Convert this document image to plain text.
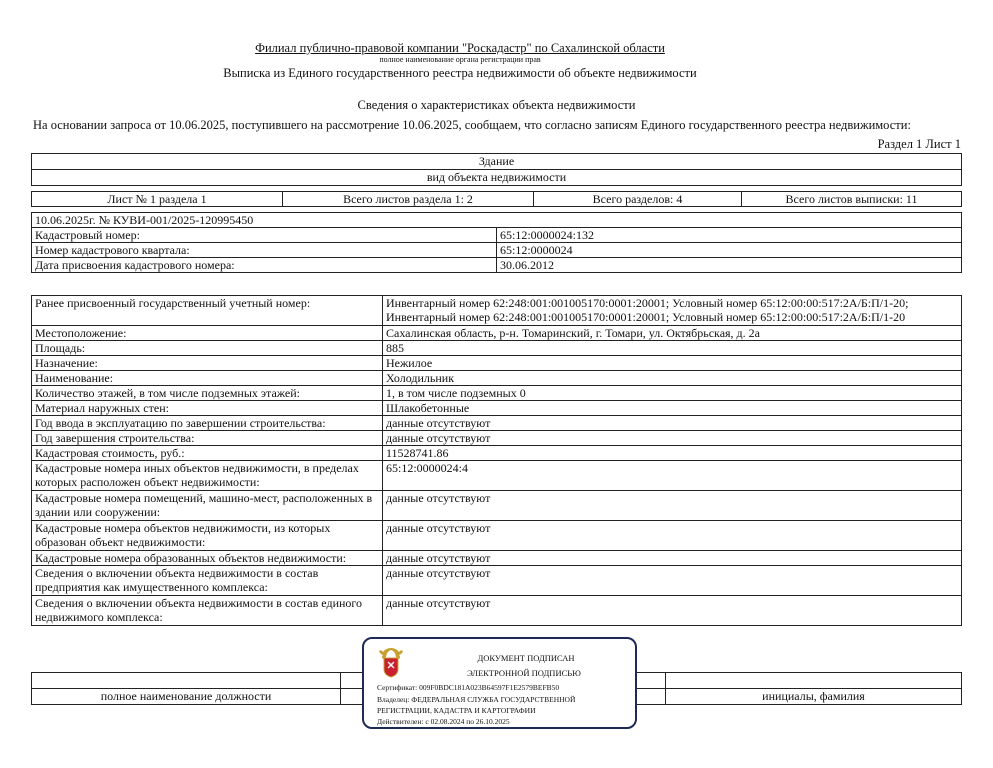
Филиал публично-правовой компании "Роскадастр" по Сахалинской области
полное наименование органа регистрации прав
Выписка из Единого государственного реестра недвижимости об объекте недвижимости
Сведения о характеристиках объекта недвижимости
На основании запроса от 10.06.2025, поступившего на рассмотрение 10.06.2025, сообщаем, что согласно записям Единого государственного реестра недвижимости:
Раздел 1 Лист 1
Здание
вид объекта недвижимости
Лист № 1 раздела 1	Всего листов раздела 1: 2	Всего разделов: 4	Всего листов выписки: 11
10.06.2025г. № КУВИ-001/2025-120995450	
Кадастровый номер:	65:12:0000024:132
Номер кадастрового квартала:	65:12:0000024
Дата присвоения кадастрового номера:	30.06.2012
Ранее присвоенный государственный учетный номер:	Инвентарный номер 62:248:001:001005170:0001:20001; Условный номер 65:12:00:00:517:2А/Б:П/1-20; Инвентарный номер 62:248:001:001005170:0001:20001; Условный номер 65:12:00:00:517:2А/Б:П/1-20
Местоположение:	Сахалинская область, р-н. Томаринский, г. Томари, ул. Октябрьская, д. 2а
Площадь:	885
Назначение:	Нежилое
Наименование:	Холодильник
Количество этажей, в том числе подземных этажей:	1, в том числе подземных 0
Материал наружных стен:	Шлакобетонные
Год ввода в эксплуатацию по завершении строительства:	данные отсутствуют
Год завершения строительства:	данные отсутствуют
Кадастровая стоимость, руб.:	11528741.86
Кадастровые номера иных объектов недвижимости, в пределах которых расположен объект недвижимости:	65:12:0000024:4
Кадастровые номера помещений, машино-мест, расположенных в здании или сооружении:	данные отсутствуют
Кадастровые номера объектов недвижимости, из которых образован объект недвижимости:	данные отсутствуют
Кадастровые номера образованных объектов недвижимости:	данные отсутствуют
Сведения о включении объекта недвижимости в состав предприятия как имущественного комплекса:	данные отсутствуют
Сведения о включении объекта недвижимости в состав единого недвижимого комплекса:	данные отсутствуют

полное наименование должности		инициалы, фамилия
ДОКУМЕНТ ПОДПИСАН
ЭЛЕКТРОННОЙ ПОДПИСЬЮ
Сертификат: 009F0BDC181A023B64597F1E2579BEFB50
Владелец: ФЕДЕРАЛЬНАЯ СЛУЖБА ГОСУДАРСТВЕННОЙ
РЕГИСТРАЦИИ, КАДАСТРА И КАРТОГРАФИИ
Действителен: с 02.08.2024 по 26.10.2025
